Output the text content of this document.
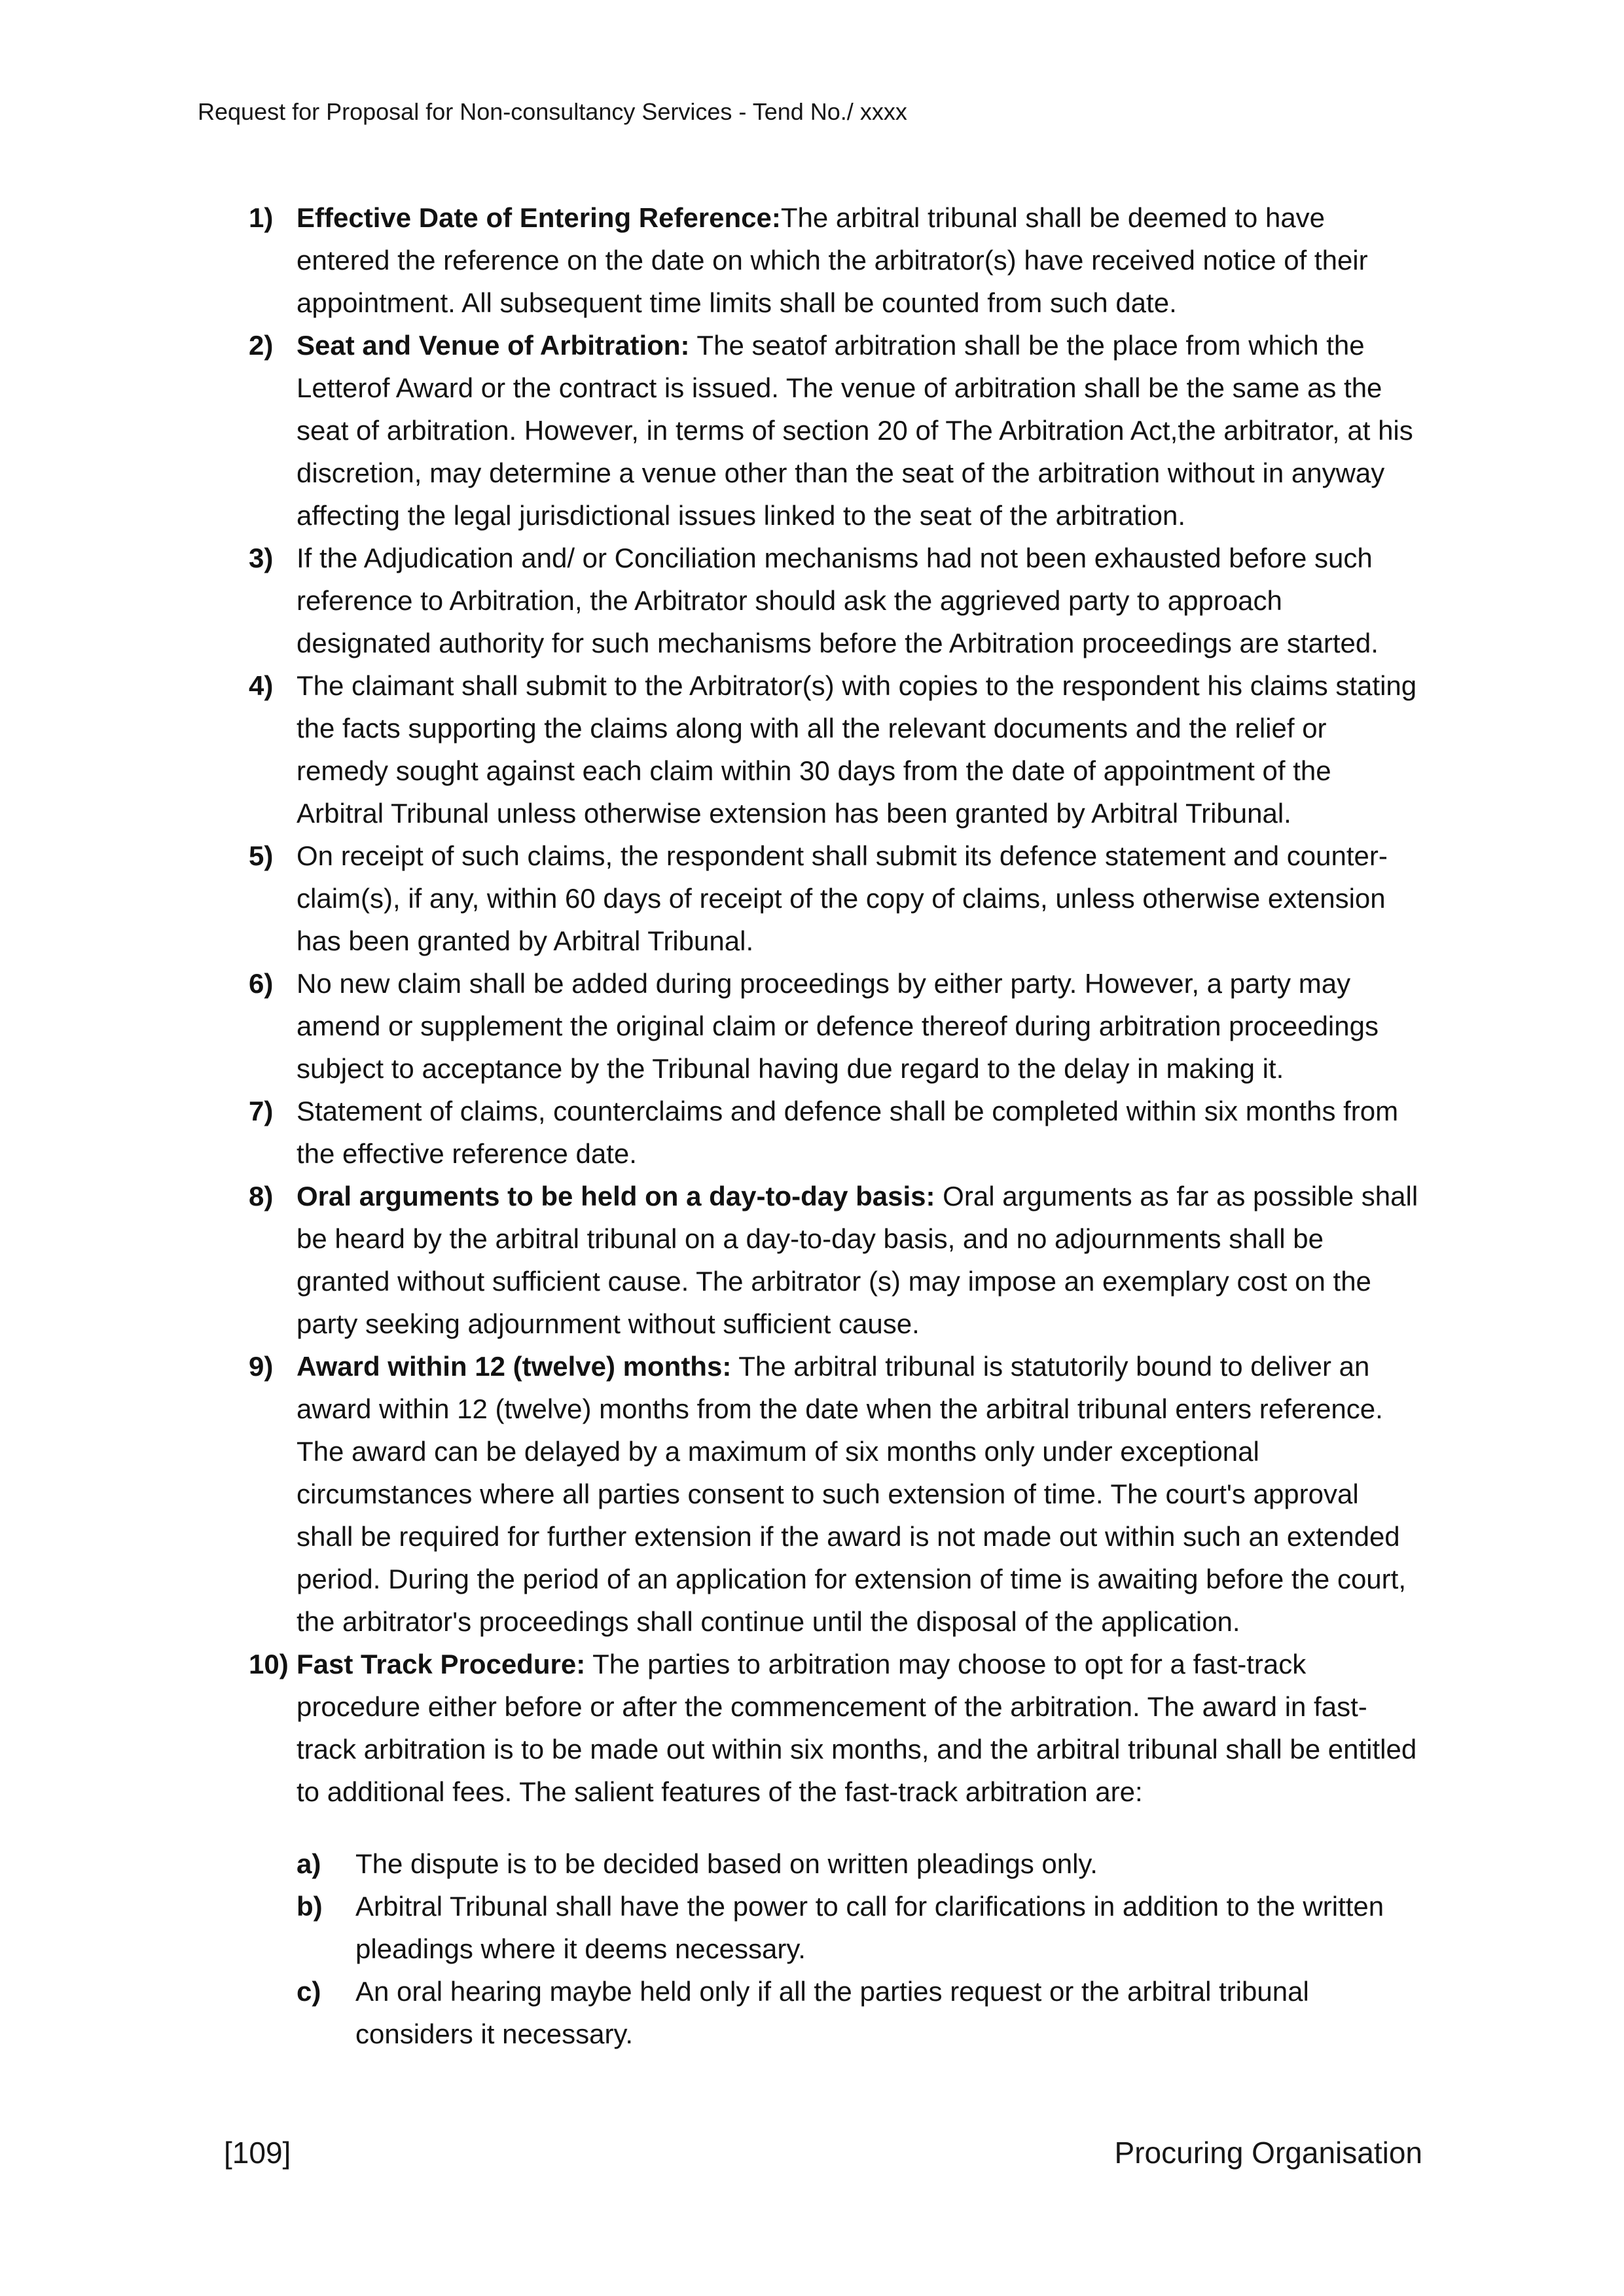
Request for Proposal for Non-consultancy Services - Tend No./ xxxx
1) Effective Date of Entering Reference:The arbitral tribunal shall be deemed to have entered the reference on the date on which the arbitrator(s) have received notice of their appointment. All subsequent time limits shall be counted from such date.
2) Seat and Venue of Arbitration: The seatof arbitration shall be the place from which the Letterof Award or the contract is issued. The venue of arbitration shall be the same as the seat of arbitration. However, in terms of section 20 of The Arbitration Act,the arbitrator, at his discretion, may determine a venue other than the seat of the arbitration without in anyway affecting the legal jurisdictional issues linked to the seat of the arbitration.
3) If the Adjudication and/ or Conciliation mechanisms had not been exhausted before such reference to Arbitration, the Arbitrator should ask the aggrieved party to approach designated authority for such mechanisms before the Arbitration proceedings are started.
4) The claimant shall submit to the Arbitrator(s) with copies to the respondent his claims stating the facts supporting the claims along with all the relevant documents and the relief or remedy sought against each claim within 30 days from the date of appointment of the Arbitral Tribunal unless otherwise extension has been granted by Arbitral Tribunal.
5) On receipt of such claims, the respondent shall submit its defence statement and counter-claim(s), if any, within 60 days of receipt of the copy of claims, unless otherwise extension has been granted by Arbitral Tribunal.
6) No new claim shall be added during proceedings by either party. However, a party may amend or supplement the original claim or defence thereof during arbitration proceedings subject to acceptance by the Tribunal having due regard to the delay in making it.
7) Statement of claims, counterclaims and defence shall be completed within six months from the effective reference date.
8) Oral arguments to be held on a day-to-day basis: Oral arguments as far as possible shall be heard by the arbitral tribunal on a day-to-day basis, and no adjournments shall be granted without sufficient cause. The arbitrator (s) may impose an exemplary cost on the party seeking adjournment without sufficient cause.
9) Award within 12 (twelve) months: The arbitral tribunal is statutorily bound to deliver an award within 12 (twelve) months from the date when the arbitral tribunal enters reference. The award can be delayed by a maximum of six months only under exceptional circumstances where all parties consent to such extension of time. The court's approval shall be required for further extension if the award is not made out within such an extended period. During the period of an application for extension of time is awaiting before the court, the arbitrator's proceedings shall continue until the disposal of the application.
10) Fast Track Procedure: The parties to arbitration may choose to opt for a fast-track procedure either before or after the commencement of the arbitration. The award in fast-track arbitration is to be made out within six months, and the arbitral tribunal shall be entitled to additional fees. The salient features of the fast-track arbitration are:
a)	The dispute is to be decided based on written pleadings only.
b)	Arbitral Tribunal shall have the power to call for clarifications in addition to the written pleadings where it deems necessary.
c)	An oral hearing maybe held only if all the parties request or the arbitral tribunal considers it necessary.
[109]	Procuring Organisation
